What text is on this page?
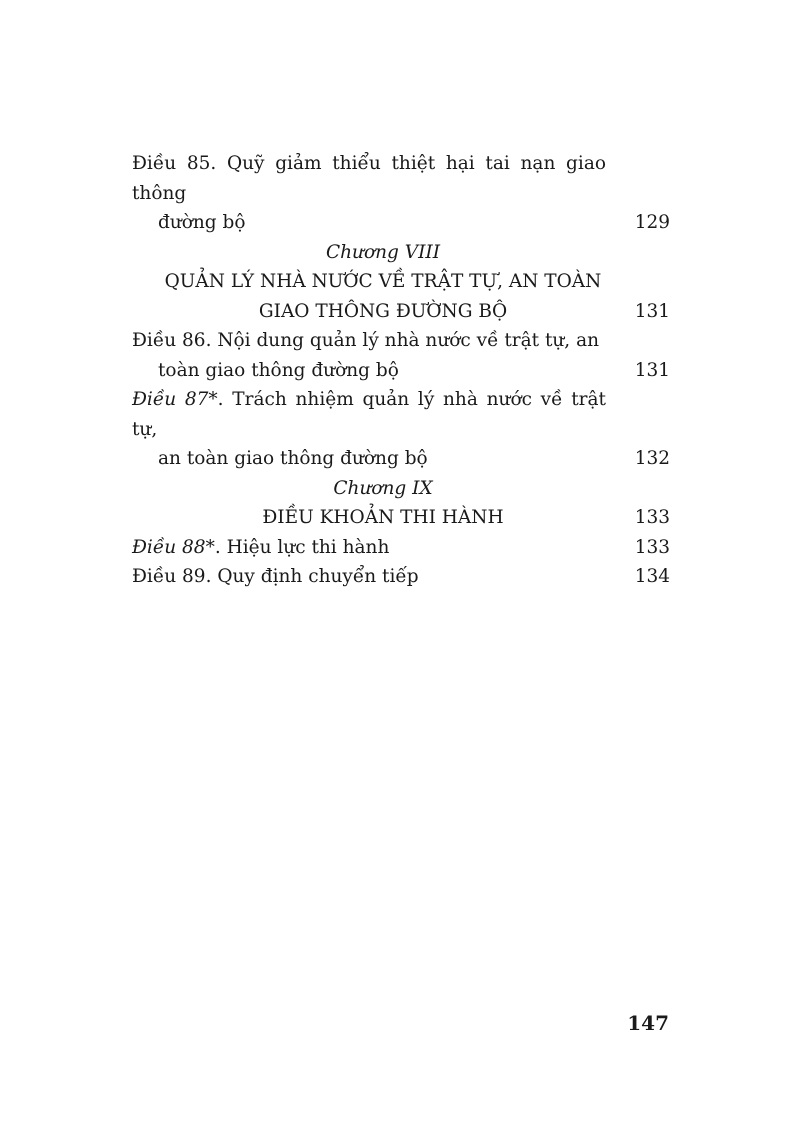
Điều 85. Quỹ giảm thiểu thiệt hại tai nạn giao thông
đường bộ	129
Chương VIII
QUẢN LÝ NHÀ NƯỚC VỀ TRẬT TỰ, AN TOÀN
GIAO THÔNG ĐƯỜNG BỘ	131
Điều 86. Nội dung quản lý nhà nước về trật tự, an
toàn giao thông đường bộ	131
Điều 87*. Trách nhiệm quản lý nhà nước về trật tự,
an toàn giao thông đường bộ	132
Chương IX
ĐIỀU KHOẢN THI HÀNH	133
Điều 88*. Hiệu lực thi hành	133
Điều 89. Quy định chuyển tiếp	134
147
